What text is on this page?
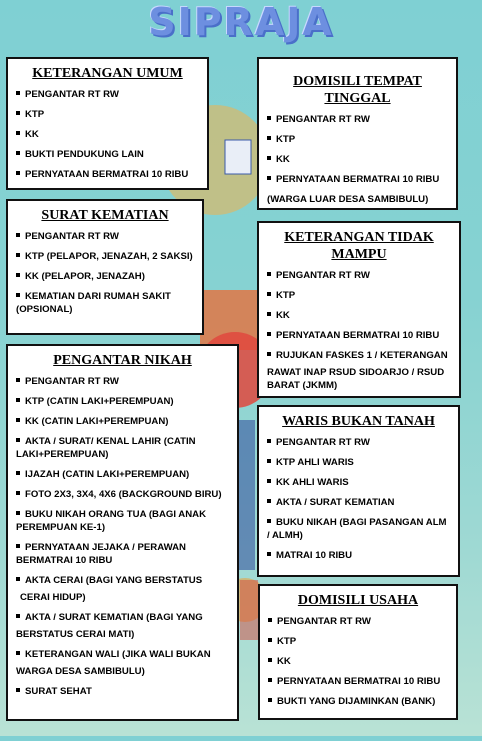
SIPRAJA
KETERANGAN UMUM
PENGANTAR RT RW
KTP
KK
BUKTI PENDUKUNG LAIN
PERNYATAAN BERMATRAI 10 RIBU
SURAT KEMATIAN
PENGANTAR RT RW
KTP (PELAPOR, JENAZAH, 2 SAKSI)
KK (PELAPOR, JENAZAH)
KEMATIAN DARI RUMAH SAKIT (OPSIONAL)
PENGANTAR NIKAH
PENGANTAR RT RW
KTP (CATIN LAKI+PEREMPUAN)
KK (CATIN LAKI+PEREMPUAN)
AKTA / SURAT/ KENAL LAHIR (CATIN LAKI+PEREMPUAN)
IJAZAH (CATIN LAKI+PEREMPUAN)
FOTO 2X3, 3X4, 4X6 (BACKGROUND BIRU)
BUKU NIKAH ORANG TUA (BAGI ANAK PEREMPUAN KE-1)
PERNYATAAN JEJAKA / PERAWAN BERMATRAI 10 RIBU
AKTA CERAI (BAGI YANG BERSTATUS
CERAI HIDUP)
AKTA / SURAT KEMATIAN (BAGI YANG
BERSTATUS CERAI MATI)
KETERANGAN WALI (JIKA WALI BUKAN
WARGA DESA SAMBIBULU)
SURAT SEHAT
DOMISILI TEMPAT TINGGAL
PENGANTAR RT RW
KTP
KK
PERNYATAAN BERMATRAI 10 RIBU
(WARGA LUAR DESA SAMBIBULU)
KETERANGAN TIDAK MAMPU
PENGANTAR RT RW
KTP
KK
PERNYATAAN BERMATRAI 10 RIBU
RUJUKAN FASKES 1 / KETERANGAN
RAWAT INAP RSUD SIDOARJO / RSUD BARAT (JKMM)
WARIS BUKAN TANAH
PENGANTAR RT RW
KTP AHLI WARIS
KK AHLI WARIS
AKTA / SURAT KEMATIAN
BUKU NIKAH (BAGI PASANGAN ALM / ALMH)
MATRAI 10 RIBU
DOMISILI USAHA
PENGANTAR RT RW
KTP
KK
PERNYATAAN BERMATRAI 10 RIBU
BUKTI YANG DIJAMINKAN (BANK)
